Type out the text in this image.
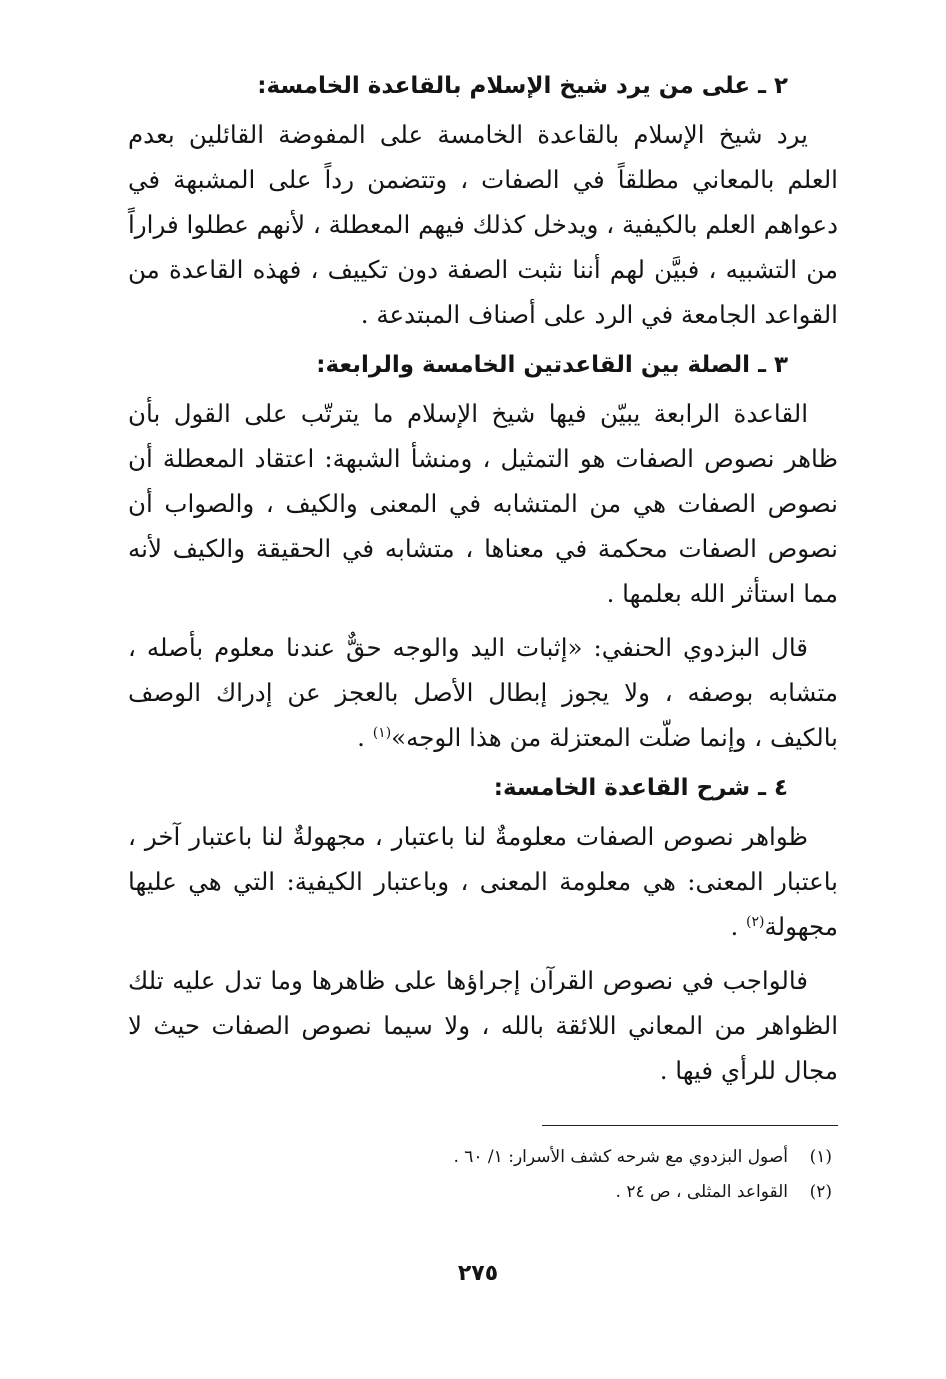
٢ ـ على من يرد شيخ الإسلام بالقاعدة الخامسة:

يرد شيخ الإسلام بالقاعدة الخامسة على المفوضة القائلين بعدم العلم بالمعاني مطلقاً في الصفات ، وتتضمن رداً على المشبهة في دعواهم العلم بالكيفية ، ويدخل كذلك فيهم المعطلة ، لأنهم عطلوا فراراً من التشبيه ، فبيَّن لهم أننا نثبت الصفة دون تكييف ، فهذه القاعدة من القواعد الجامعة في الرد على أصناف المبتدعة .

٣ ـ الصلة بين القاعدتين الخامسة والرابعة:

القاعدة الرابعة يبيّن فيها شيخ الإسلام ما يترتّب على القول بأن ظاهر نصوص الصفات هو التمثيل ، ومنشأ الشبهة: اعتقاد المعطلة أن نصوص الصفات هي من المتشابه في المعنى والكيف ، والصواب أن نصوص الصفات محكمة في معناها ، متشابه في الحقيقة والكيف لأنه مما استأثر الله بعلمها .

قال البزدوي الحنفي: «إثبات اليد والوجه حقٌّ عندنا معلوم بأصله ، متشابه بوصفه ، ولا يجوز إبطال الأصل بالعجز عن إدراك الوصف بالكيف ، وإنما ضلّت المعتزلة من هذا الوجه»$^{(١)}$ .

٤ ـ شرح القاعدة الخامسة:

ظواهر نصوص الصفات معلومةٌ لنا باعتبار ، مجهولةٌ لنا باعتبار آخر ، باعتبار المعنى: هي معلومة المعنى ، وباعتبار الكيفية: التي هي عليها مجهولة$^{(٢)}$ .

فالواجب في نصوص القرآن إجراؤها على ظاهرها وما تدل عليه تلك الظواهر من المعاني اللائقة بالله ، ولا سيما نصوص الصفات حيث لا مجال للرأي فيها .

(١)
أصول البزدوي مع شرحه كشف الأسرار: ١/ ٦٠ .
(٢)
القواعد المثلى ، ص ٢٤ .
٢٧٥
